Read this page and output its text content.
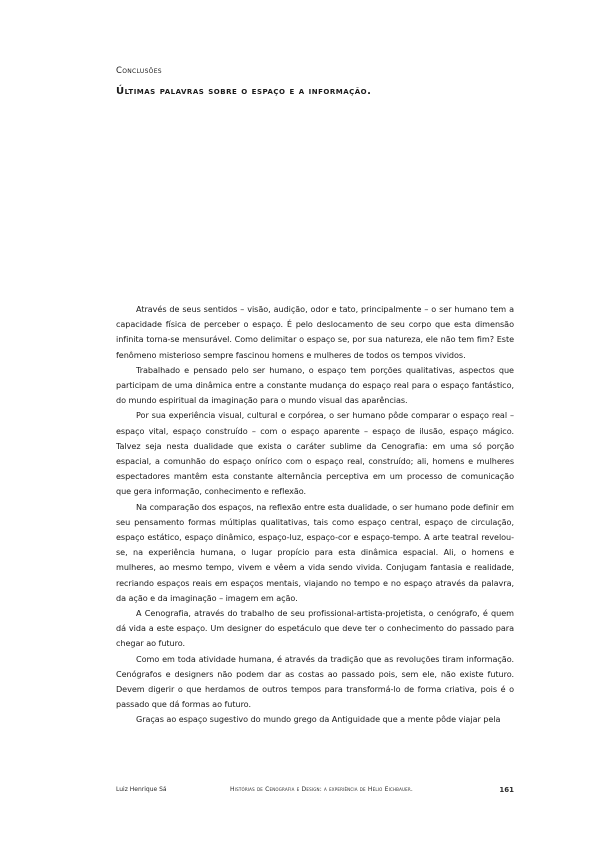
Conclusões

Últimas palavras sobre o espaço e a informação.

Através de seus sentidos – visão, audição, odor e tato, principalmente – o ser humano tem a capacidade física de perceber o espaço. É pelo deslocamento de seu corpo que esta dimensão infinita torna-se mensurável. Como delimitar o espaço se, por sua natureza, ele não tem fim? Este fenômeno misterioso sempre fascinou homens e mulheres de todos os tempos vividos.

Trabalhado e pensado pelo ser humano, o espaço tem porções qualitativas, aspectos que participam de uma dinâmica entre a constante mudança do espaço real para o espaço fantástico, do mundo espiritual da imaginação para o mundo visual das aparências.

Por sua experiência visual, cultural e corpórea, o ser humano pôde comparar o espaço real – espaço vital, espaço construído – com o espaço aparente – espaço de ilusão, espaço mágico. Talvez seja nesta dualidade que exista o caráter sublime da Cenografia: em uma só porção espacial, a comunhão do espaço onírico com o espaço real, construído; ali, homens e mulheres espectadores mantêm esta constante alternância perceptiva em um processo de comunicação que gera informação, conhecimento e reflexão.

Na comparação dos espaços, na reflexão entre esta dualidade, o ser humano pode definir em seu pensamento formas múltiplas qualitativas, tais como espaço central, espaço de circulação, espaço estático, espaço dinâmico, espaço-luz, espaço-cor e espaço-tempo. A arte teatral revelou-se, na experiência humana, o lugar propício para esta dinâmica espacial. Ali, o homens e mulheres, ao mesmo tempo, vivem e vêem a vida sendo vivida. Conjugam fantasia e realidade, recriando espaços reais em espaços mentais, viajando no tempo e no espaço através da palavra, da ação e da imaginação – imagem em ação.

A Cenografia, através do trabalho de seu profissional-artista-projetista, o cenógrafo, é quem dá vida a este espaço. Um designer do espetáculo que deve ter o conhecimento do passado para chegar ao futuro.

Como em toda atividade humana, é através da tradição que as revoluções tiram informação. Cenógrafos e designers não podem dar as costas ao passado pois, sem ele, não existe futuro. Devem digerir o que herdamos de outros tempos para transformá-lo de forma criativa, pois é o passado que dá formas ao futuro.

Graças ao espaço sugestivo do mundo grego da Antiguidade que a mente pôde viajar pela

Luiz Henrique Sá	Histórias de Cenografia e Design: a experiência de Hélio Eichbauer.	161
